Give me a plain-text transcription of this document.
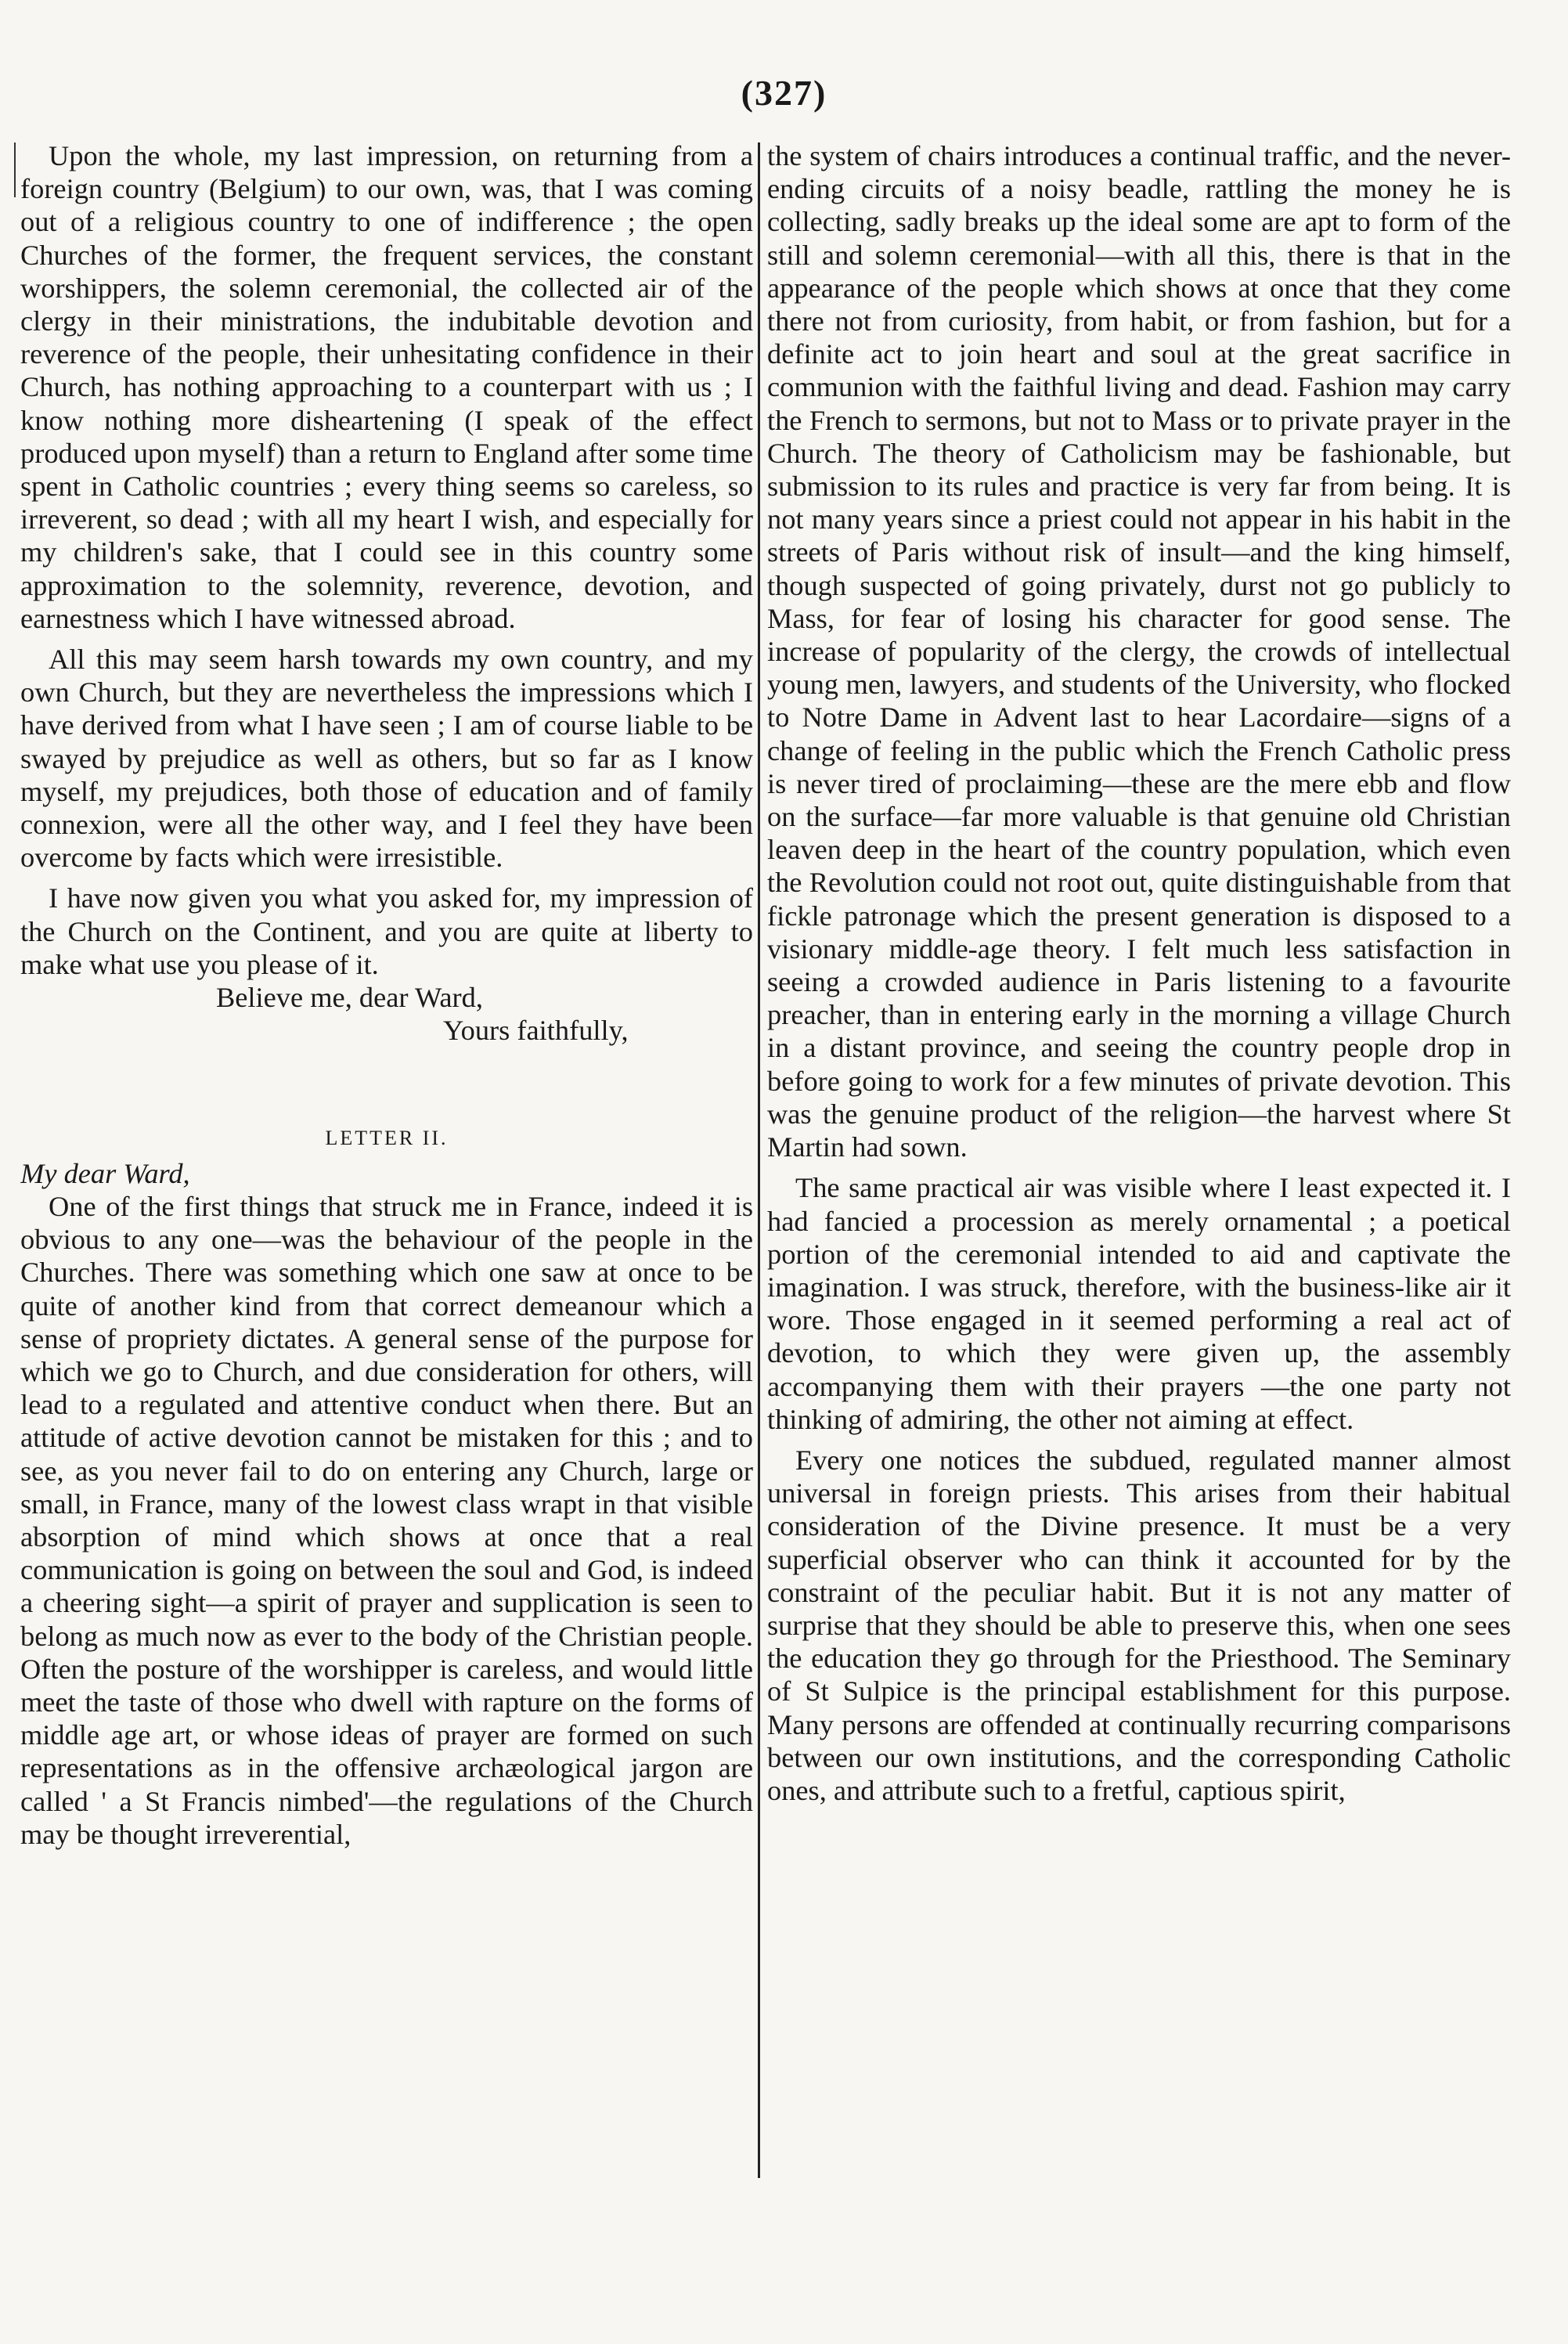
(327)

Upon the whole, my last impression, on returning from a foreign country (Belgium) to our own, was, that I was coming out of a religious country to one of indifference ; the open Churches of the former, the frequent services, the constant worshippers, the solemn ceremonial, the collected air of the clergy in their ministrations, the indubitable devotion and reverence of the people, their unhesitating confidence in their Church, has nothing approaching to a counterpart with us ; I know nothing more disheartening (I speak of the effect produced upon myself) than a return to England after some time spent in Catholic countries ; every thing seems so careless, so irreverent, so dead ; with all my heart I wish, and especially for my children's sake, that I could see in this country some approximation to the solemnity, reverence, devotion, and earnestness which I have witnessed abroad.

All this may seem harsh towards my own country, and my own Church, but they are nevertheless the impressions which I have derived from what I have seen ; I am of course liable to be swayed by prejudice as well as others, but so far as I know myself, my prejudices, both those of education and of family connexion, were all the other way, and I feel they have been overcome by facts which were irresistible.

I have now given you what you asked for, my impression of the Church on the Continent, and you are quite at liberty to make what use you please of it.

Believe me, dear Ward,
Yours faithfully,

LETTER II.

My dear Ward,

One of the first things that struck me in France, indeed it is obvious to any one—was the behaviour of the people in the Churches. There was something which one saw at once to be quite of another kind from that correct demeanour which a sense of propriety dictates. A general sense of the purpose for which we go to Church, and due consideration for others, will lead to a regulated and attentive conduct when there. But an attitude of active devotion cannot be mistaken for this ; and to see, as you never fail to do on entering any Church, large or small, in France, many of the lowest class wrapt in that visible absorption of mind which shows at once that a real communication is going on between the soul and God, is indeed a cheering sight—a spirit of prayer and supplication is seen to belong as much now as ever to the body of the Christian people. Often the posture of the worshipper is careless, and would little meet the taste of those who dwell with rapture on the forms of middle age art, or whose ideas of prayer are formed on such representations as in the offensive archæological jargon are called ' a St Francis nimbed'—the regulations of the Church may be thought irreverential,

the system of chairs introduces a continual traffic, and the never-ending circuits of a noisy beadle, rattling the money he is collecting, sadly breaks up the ideal some are apt to form of the still and solemn ceremonial—with all this, there is that in the appearance of the people which shows at once that they come there not from curiosity, from habit, or from fashion, but for a definite act to join heart and soul at the great sacrifice in communion with the faithful living and dead. Fashion may carry the French to sermons, but not to Mass or to private prayer in the Church. The theory of Catholicism may be fashionable, but submission to its rules and practice is very far from being. It is not many years since a priest could not appear in his habit in the streets of Paris without risk of insult—and the king himself, though suspected of going privately, durst not go publicly to Mass, for fear of losing his character for good sense. The increase of popularity of the clergy, the crowds of intellectual young men, lawyers, and students of the University, who flocked to Notre Dame in Advent last to hear Lacordaire—signs of a change of feeling in the public which the French Catholic press is never tired of proclaiming—these are the mere ebb and flow on the surface—far more valuable is that genuine old Christian leaven deep in the heart of the country population, which even the Revolution could not root out, quite distinguishable from that fickle patronage which the present generation is disposed to a visionary middle-age theory. I felt much less satisfaction in seeing a crowded audience in Paris listening to a favourite preacher, than in entering early in the morning a village Church in a distant province, and seeing the country people drop in before going to work for a few minutes of private devotion. This was the genuine product of the religion—the harvest where St Martin had sown.

The same practical air was visible where I least expected it. I had fancied a procession as merely ornamental ; a poetical portion of the ceremonial intended to aid and captivate the imagination. I was struck, therefore, with the business-like air it wore. Those engaged in it seemed performing a real act of devotion, to which they were given up, the assembly accompanying them with their prayers —the one party not thinking of admiring, the other not aiming at effect.

Every one notices the subdued, regulated manner almost universal in foreign priests. This arises from their habitual consideration of the Divine presence. It must be a very superficial observer who can think it accounted for by the constraint of the peculiar habit. But it is not any matter of surprise that they should be able to preserve this, when one sees the education they go through for the Priesthood. The Seminary of St Sulpice is the principal establishment for this purpose. Many persons are offended at continually recurring comparisons between our own institutions, and the corresponding Catholic ones, and attribute such to a fretful, captious spirit,
